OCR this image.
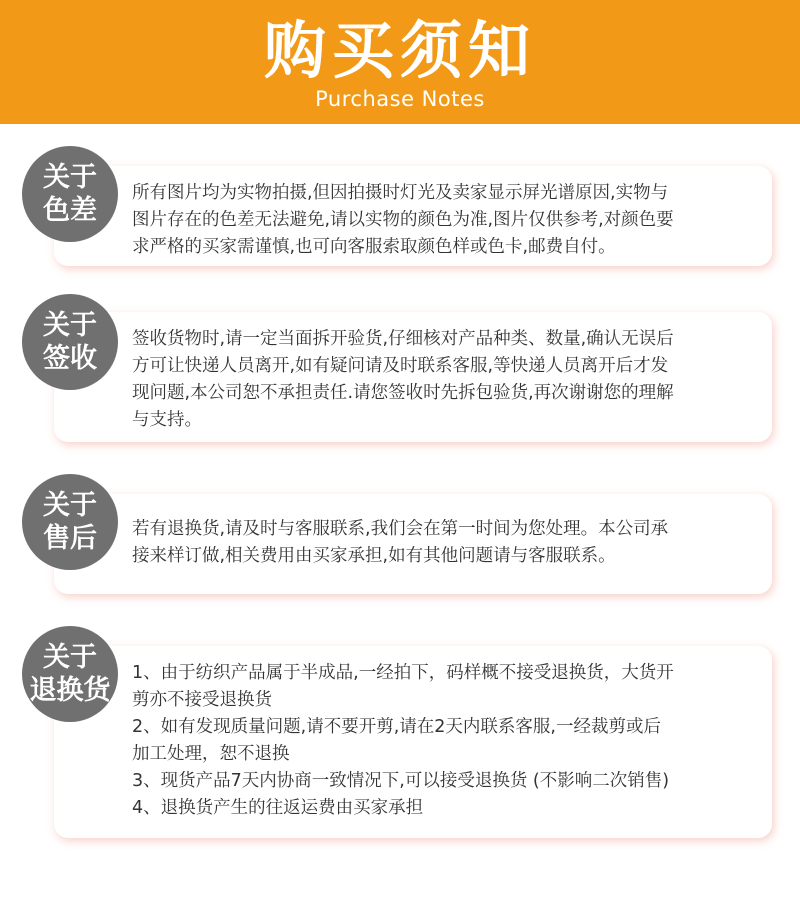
购买须知
Purchase Notes
所有图片均为实物拍摄,但因拍摄时灯光及卖家显示屏光谱原因,实物与
图片存在的色差无法避免,请以实物的颜色为准,图片仅供参考,对颜色要
求严格的买家需谨慎,也可向客服索取颜色样或色卡,邮费自付。
关于
色差
签收货物时,请一定当面拆开验货,仔细核对产品种类、数量,确认无误后
方可让快递人员离开,如有疑问请及时联系客服,等快递人员离开后才发
现问题,本公司恕不承担责任.请您签收时先拆包验货,再次谢谢您的理解
与支持。
关于
签收
若有退换货,请及时与客服联系,我们会在第一时间为您处理。本公司承
接来样订做,相关费用由买家承担,如有其他问题请与客服联系。
关于
售后
1、由于纺织产品属于半成品,一经拍下，码样概不接受退换货，大货开
剪亦不接受退换货
2、如有发现质量问题,请不要开剪,请在2天内联系客服,一经裁剪或后
加工处理，恕不退换
3、现货产品7天内协商一致情况下,可以接受退换货 (不影响二次销售)
4、退换货产生的往返运费由买家承担
关于
退换货
